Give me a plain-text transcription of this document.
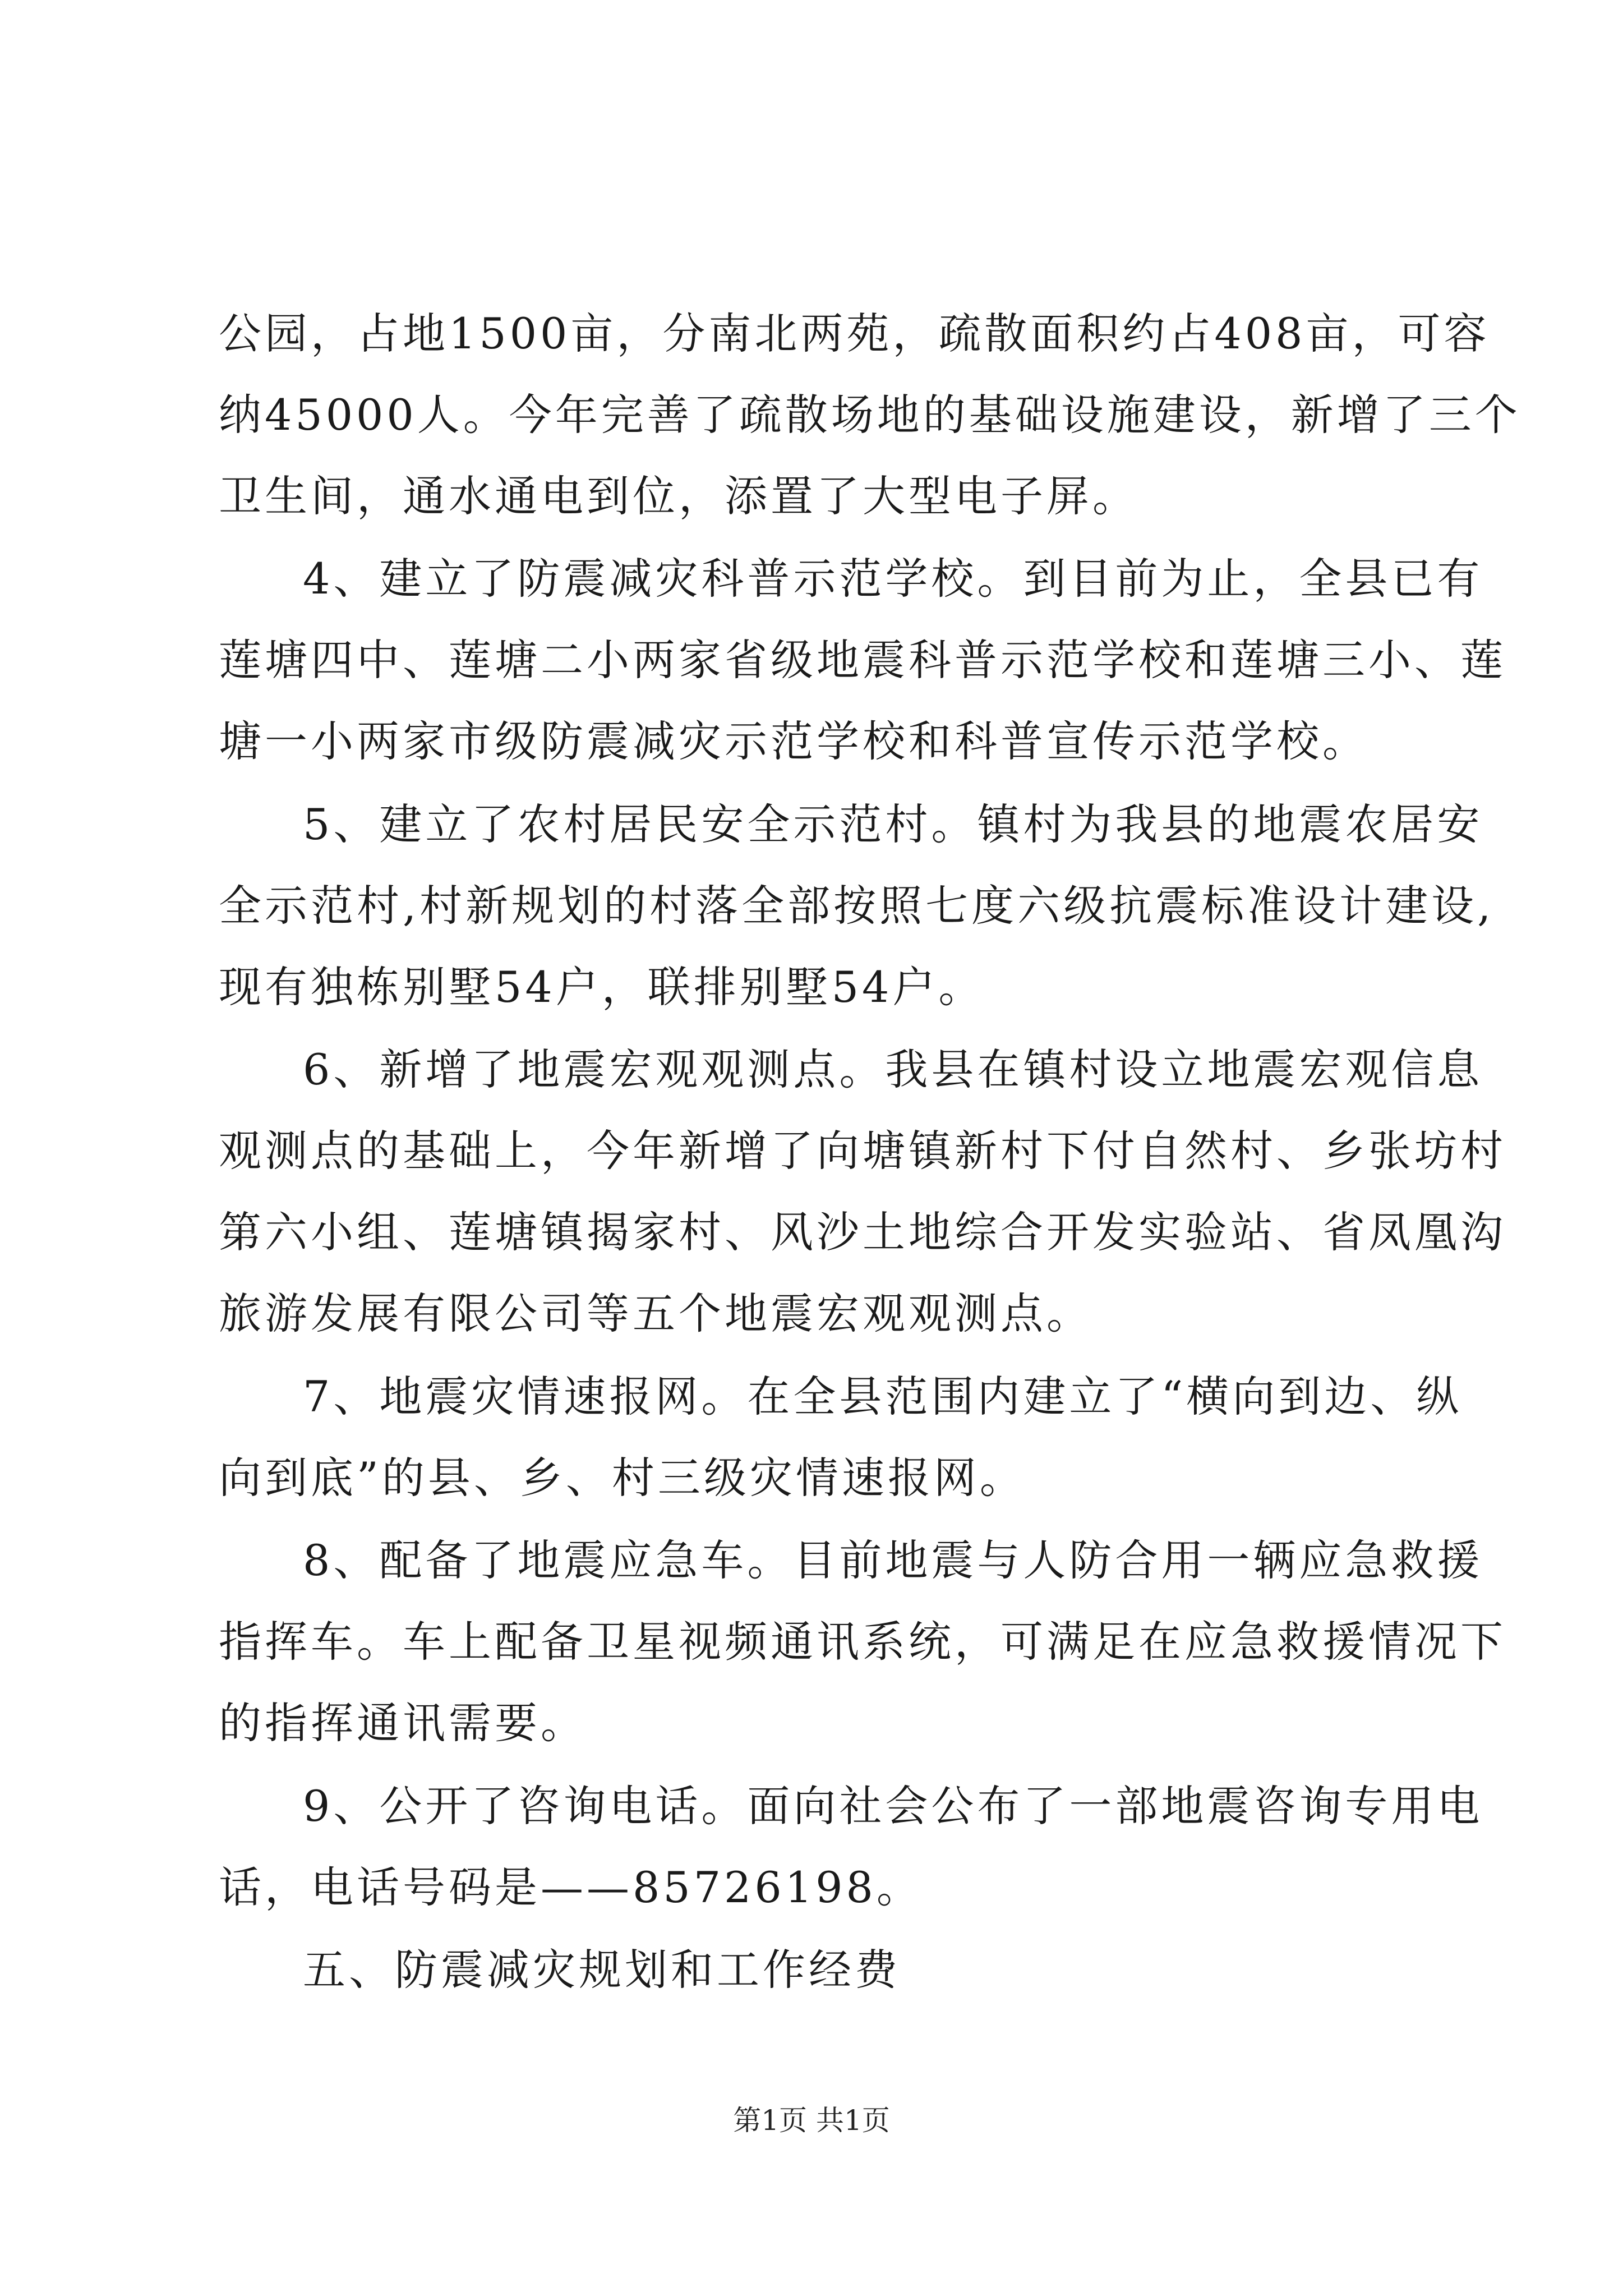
公园，占地1500亩，分南北两苑，疏散面积约占408亩，可容
纳45000人。今年完善了疏散场地的基础设施建设，新增了三个
卫生间，通水通电到位，添置了大型电子屏。
4、建立了防震减灾科普示范学校。到目前为止，全县已有
莲塘四中、莲塘二小两家省级地震科普示范学校和莲塘三小、莲
塘一小两家市级防震减灾示范学校和科普宣传示范学校。
5、建立了农村居民安全示范村。镇村为我县的地震农居安
全示范村,村新规划的村落全部按照七度六级抗震标准设计建设,
现有独栋别墅54户，联排别墅54户。
6、新增了地震宏观观测点。我县在镇村设立地震宏观信息
观测点的基础上，今年新增了向塘镇新村下付自然村、乡张坊村
第六小组、莲塘镇揭家村、风沙土地综合开发实验站、省凤凰沟
旅游发展有限公司等五个地震宏观观测点。
7、地震灾情速报网。在全县范围内建立了“横向到边、纵
向到底”的县、乡、村三级灾情速报网。
8、配备了地震应急车。目前地震与人防合用一辆应急救援
指挥车。车上配备卫星视频通讯系统，可满足在应急救援情况下
的指挥通讯需要。
9、公开了咨询电话。面向社会公布了一部地震咨询专用电
话，电话号码是——85726198。
五、防震减灾规划和工作经费
第1页 共1页
